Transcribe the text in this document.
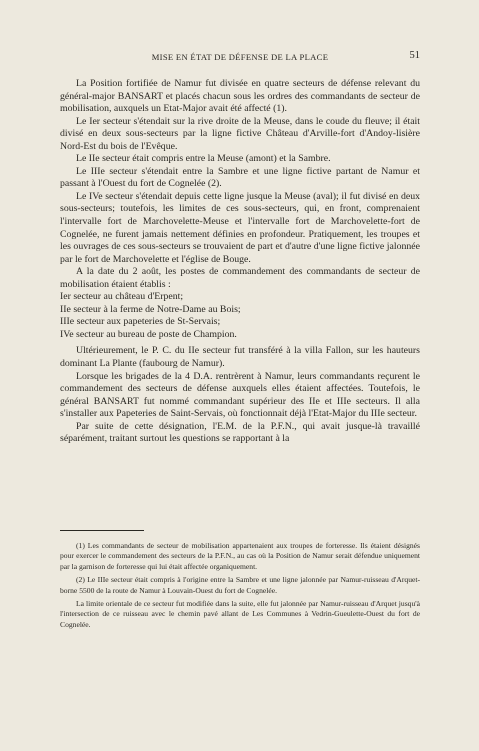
MISE EN ÉTAT DE DÉFENSE DE LA PLACE	51

La Position fortifiée de Namur fut divisée en quatre secteurs de défense relevant du général-major BANSART et placés chacun sous les ordres des commandants de secteur de mobilisation, auxquels un Etat-Major avait été affecté (1).

Le Ier secteur s'étendait sur la rive droite de la Meuse, dans le coude du fleuve; il était divisé en deux sous-secteurs par la ligne fictive Château d'Arville-fort d'Andoy-lisière Nord-Est du bois de l'Evêque.

Le IIe secteur était compris entre la Meuse (amont) et la Sambre.

Le IIIe secteur s'étendait entre la Sambre et une ligne fictive partant de Namur et passant à l'Ouest du fort de Cognelée (2).

Le IVe secteur s'étendait depuis cette ligne jusque la Meuse (aval); il fut divisé en deux sous-secteurs; toutefois, les limites de ces sous-secteurs, qui, en front, comprenaient l'intervalle fort de Marchovelette-Meuse et l'intervalle fort de Marchovelette-fort de Cognelée, ne furent jamais nettement définies en profondeur. Pratiquement, les troupes et les ouvrages de ces sous-secteurs se trouvaient de part et d'autre d'une ligne fictive jalonnée par le fort de Marchovelette et l'église de Bouge.

A la date du 2 août, les postes de commandement des commandants de secteur de mobilisation étaient établis :

Ier secteur au château d'Erpent;

IIe secteur à la ferme de Notre-Dame au Bois;

IIIe secteur aux papeteries de St-Servais;

IVe secteur au bureau de poste de Champion.

Ultérieurement, le P. C. du IIe secteur fut transféré à la villa Fallon, sur les hauteurs dominant La Plante (faubourg de Namur).

Lorsque les brigades de la 4 D.A. rentrèrent à Namur, leurs commandants reçurent le commandement des secteurs de défense auxquels elles étaient affectées. Toutefois, le général BANSART fut nommé commandant supérieur des IIe et IIIe secteurs. Il alla s'installer aux Papeteries de Saint-Servais, où fonctionnait déjà l'Etat-Major du IIIe secteur.

Par suite de cette désignation, l'E.M. de la P.F.N., qui avait jusque-là travaillé séparément, traitant surtout les questions se rapportant à la

(1) Les commandants de secteur de mobilisation appartenaient aux troupes de forteresse. Ils étaient désignés pour exercer le commandement des secteurs de la P.F.N., au cas où la Position de Namur serait défendue uniquement par la garnison de forteresse qui lui était affectée organiquement.

(2) Le IIIe secteur était compris à l'origine entre la Sambre et une ligne jalonnée par Namur-ruisseau d'Arquet-borne 5500 de la route de Namur à Louvain-Ouest du fort de Cognelée.

La limite orientale de ce secteur fut modifiée dans la suite, elle fut jalonnée par Namur-ruisseau d'Arquet jusqu'à l'intersection de ce ruisseau avec le chemin pavé allant de Les Communes à Vedrin-Gueulette-Ouest du fort de Cognelée.
